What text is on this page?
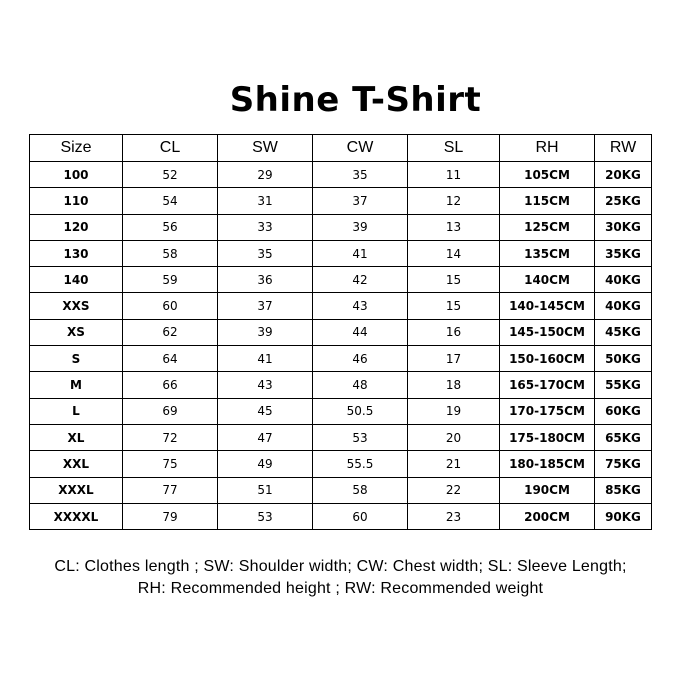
Shine T-Shirt
Size	CL	SW	CW	SL	RH	RW
100	52	29	35	11	105CM	20KG
110	54	31	37	12	115CM	25KG
120	56	33	39	13	125CM	30KG
130	58	35	41	14	135CM	35KG
140	59	36	42	15	140CM	40KG
XXS	60	37	43	15	140-145CM	40KG
XS	62	39	44	16	145-150CM	45KG
S	64	41	46	17	150-160CM	50KG
M	66	43	48	18	165-170CM	55KG
L	69	45	50.5	19	170-175CM	60KG
XL	72	47	53	20	175-180CM	65KG
XXL	75	49	55.5	21	180-185CM	75KG
XXXL	77	51	58	22	190CM	85KG
XXXXL	79	53	60	23	200CM	90KG
CL: Clothes length ; SW: Shoulder width; CW: Chest width; SL: Sleeve Length;
RH: Recommended height ; RW: Recommended weight
